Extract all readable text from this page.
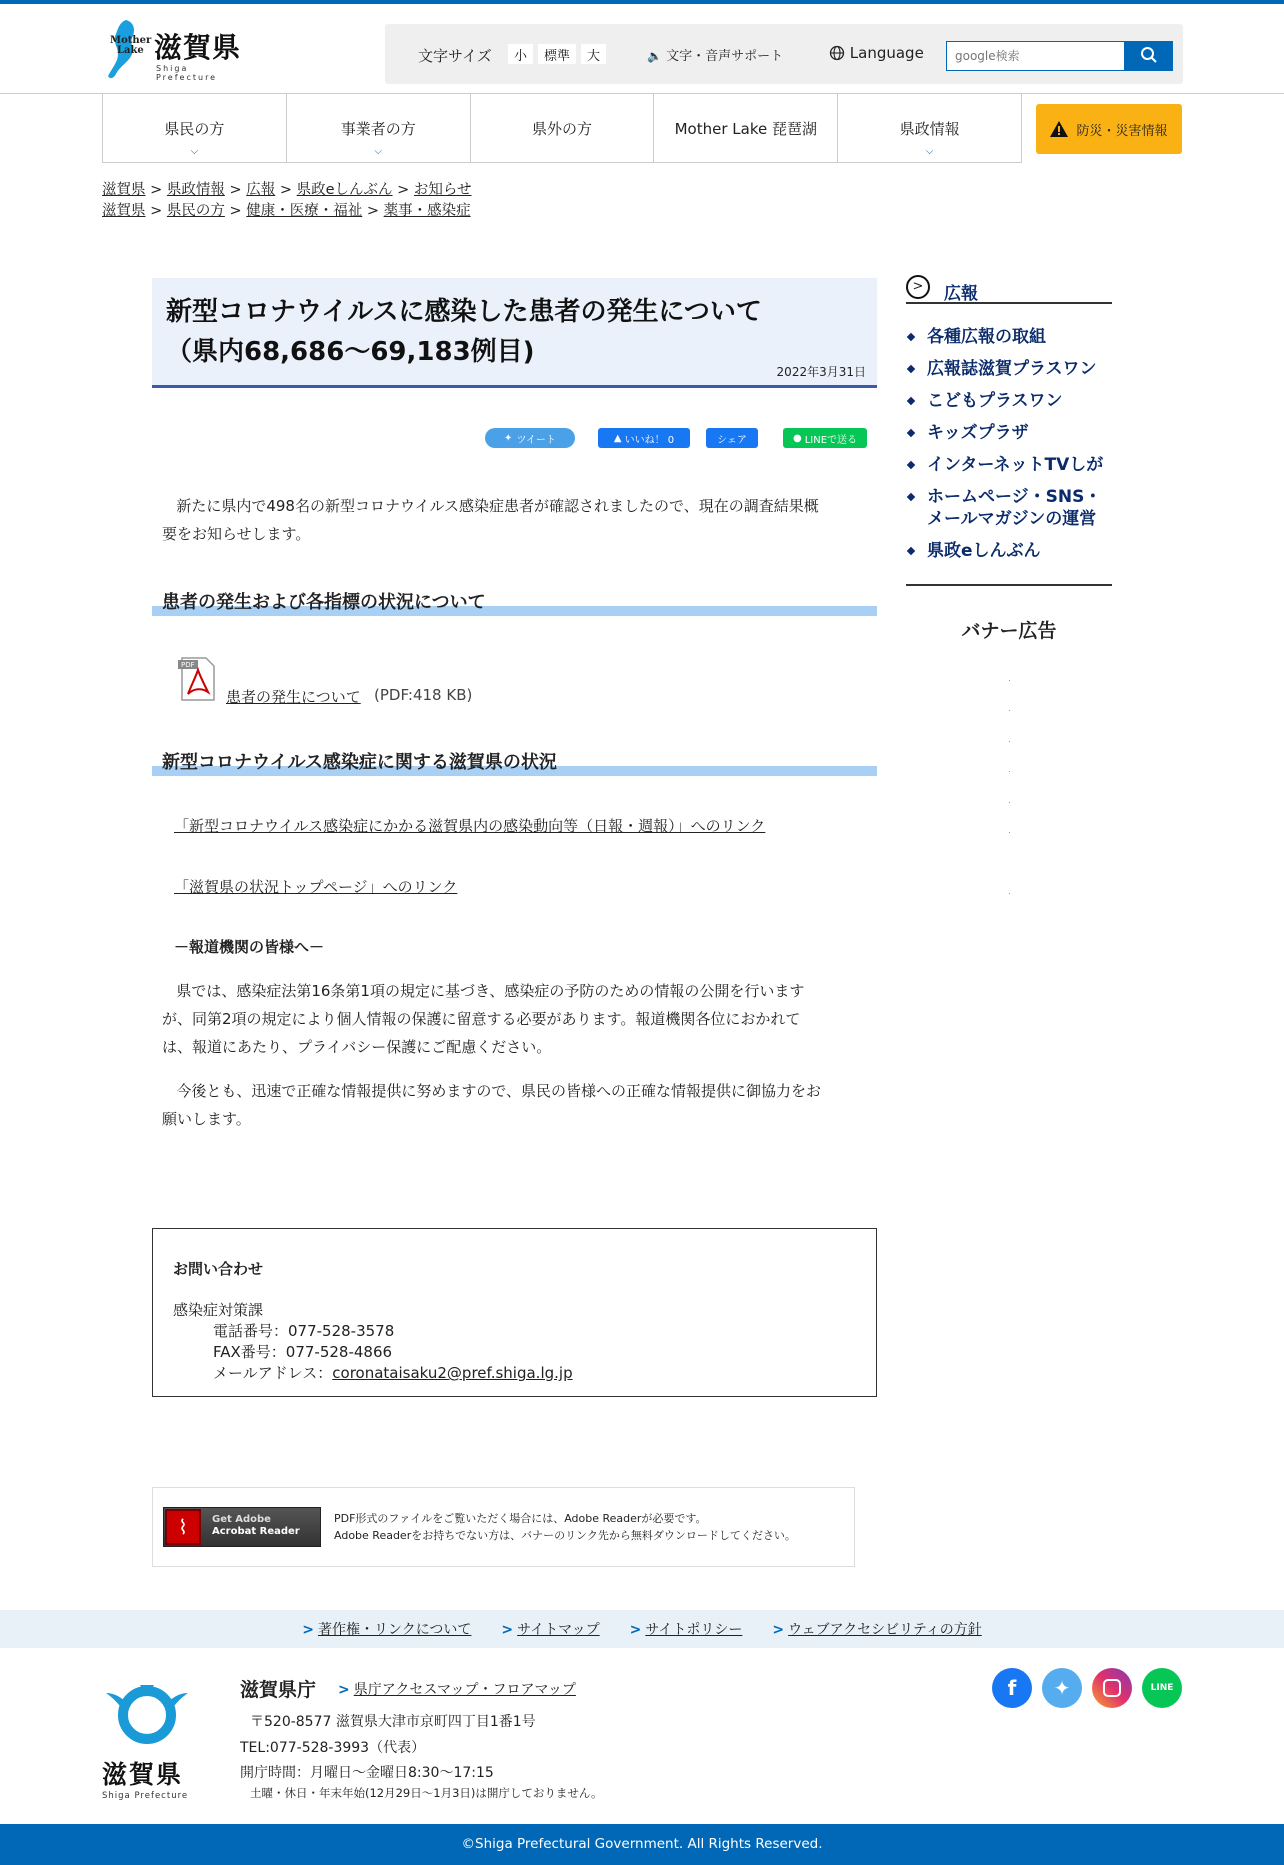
Mother
Lake 滋賀県
Shiga Prefecture
文字サイズ	小	標準	大	🔈 文字・音声サポート	Language
google検索
県民の方
⌵
事業者の方
⌵
県外の方	Mother Lake 琵琶湖	県政情報
⌵
防災・災害情報
滋賀県 > 県政情報 > 広報 > 県政eしんぶん > お知らせ
滋賀県 > 県民の方 > 健康・医療・福祉 > 薬事・感染症
新型コロナウイルスに感染した患者の発生について
（県内68,686～69,183例目)
2022年3月31日
✦ ツイート	▲ いいね！ 0	シェア	● LINEで送る
新たに県内で498名の新型コロナウイルス感染症患者が確認されましたので、現在の調査結果概
要をお知らせします。
患者の発生および各指標の状況について
PDF
患者の発生について (PDF:418 KB)
新型コロナウイルス感染症に関する滋賀県の状況
「新型コロナウイルス感染症にかかる滋賀県内の感染動向等（日報・週報）」へのリンク
「滋賀県の状況トップページ」へのリンク
－報道機関の皆様へ－
県では、感染症法第16条第1項の規定に基づき、感染症の予防のための情報の公開を行います
が、同第2項の規定により個人情報の保護に留意する必要があります。報道機関各位におかれて
は、報道にあたり、プライバシー保護にご配慮ください。
今後とも、迅速で正確な情報提供に努めますので、県民の皆様への正確な情報提供に御協力をお
願いします。
お問い合わせ
感染症対策課
電話番号：077-528-3578
FAX番号：077-528-4866
メールアドレス：coronataisaku2@pref.shiga.lg.jp
⌇	Get Adobe
Acrobat Reader
PDF形式のファイルをご覧いただく場合には、Adobe Readerが必要です。
Adobe Readerをお持ちでない方は、バナーのリンク先から無料ダウンロードしてください。
>	広報
各種広報の取組
広報誌滋賀プラスワン
こどもプラスワン
キッズプラザ
インターネットTVしが
ホームページ・SNS・
メールマガジンの運営
県政eしんぶん
バナー広告
> 著作権・リンクについて > サイトマップ > サイトポリシー > ウェブアクセシビリティの方針
滋賀県
Shiga Prefecture
滋賀県庁 > 県庁アクセスマップ・フロアマップ
〒520-8577 滋賀県大津市京町四丁目1番1号
TEL:077-528-3993（代表）
開庁時間：月曜日～金曜日8:30～17:15
土曜・休日・年末年始(12月29日～1月3日)は開庁しておりません。
f	✦	LINE
©Shiga Prefectural Government. All Rights Reserved.
